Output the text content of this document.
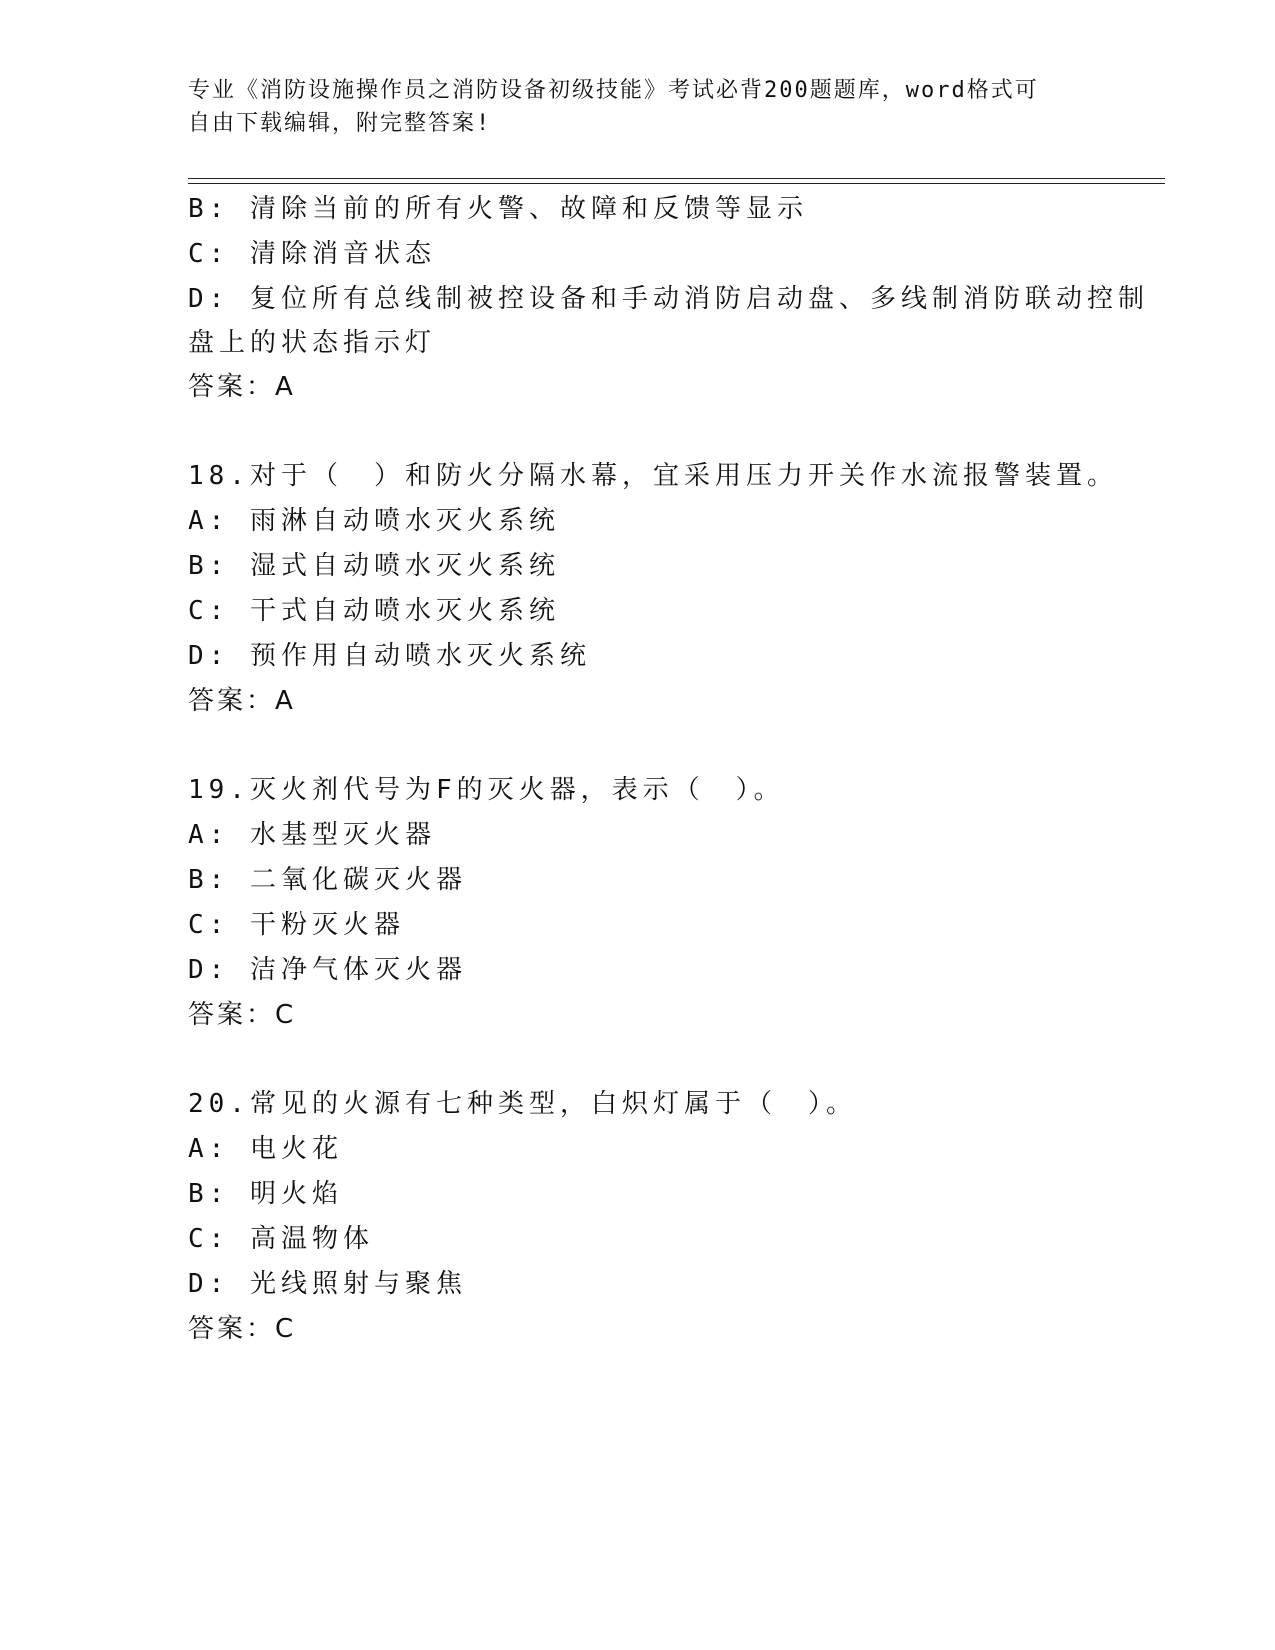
专业《消防设施操作员之消防设备初级技能》考试必背200题题库，word格式可
自由下载编辑，附完整答案!
B: 清除当前的所有火警、故障和反馈等显示
C: 清除消音状态
D: 复位所有总线制被控设备和手动消防启动盘、多线制消防联动控制
盘上的状态指示灯
答案：A
18.对于（　）和防火分隔水幕，宜采用压力开关作水流报警装置。
A: 雨淋自动喷水灭火系统
B: 湿式自动喷水灭火系统
C: 干式自动喷水灭火系统
D: 预作用自动喷水灭火系统
答案：A
19.灭火剂代号为F的灭火器，表示（　）。
A: 水基型灭火器
B: 二氧化碳灭火器
C: 干粉灭火器
D: 洁净气体灭火器
答案：C
20.常见的火源有七种类型，白炽灯属于（　）。
A: 电火花
B: 明火焰
C: 高温物体
D: 光线照射与聚焦
答案：C
